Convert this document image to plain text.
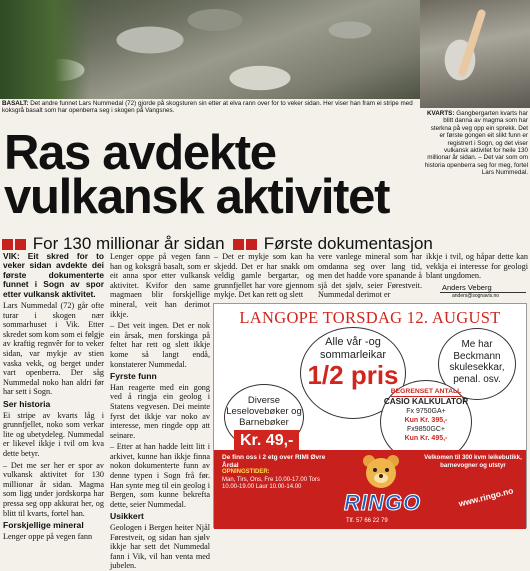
BASALT: Det andre funnet Lars Nummedal (72) gjorde på skogsturen sin etter at elva rann over for to veker sidan. Her viser han fram ei stripe med koksgrå basalt som har openberra seg i skogen på Vangsnes.	KVARTS: Gangbergarten kvarts har blitt danna av magma som har sterkna på veg opp ein sprekk. Det er første gongen eit slikt funn er registrert i Sogn, og det viser vulkansk aktivitet for heile 130 millionar år sidan. – Det var som om historia openberra seg for meg, fortel Lars Nummedal.
Ras avdekte
vulkansk aktivitet
For 130 millionar år sidan	Første dokumentasjon

VIK: Eit skred for to veker sidan avdekte dei første dokumenterte funnet i Sogn av spor etter vulkansk aktivitet.

Lars Nummedal (72) går ofte turar i skogen nær sommarhuset i Vik. Etter skredet som kom som ei følgje av kraftig regnvêr for to veker sidan, var mykje av stien vaska vekk, og berget under vart openberra. Der såg Nummedal noko han aldri før har sett i Sogn.

Ser historia

Ei stripe av kvarts låg i grunnfjellet, noko som verkar lite og ubetydeleg. Nummedal er likevel ikkje i tvil om kva dette betyr.

– Det me ser her er spor av vulkansk aktivitet for 130 millionar år sidan. Magma som ligg under jordskorpa har pressa seg opp akkurat her, og blitt til kvarts, fortel han.

Forskjellige mineral

Lenger oppe på vegen fann

Lenger oppe på vegen fann han og koksgrå basalt, som er eit anna spor etter vulkansk aktivitet. Kvifor den same magmaen blir forskjellige mineral, veit han derimot ikkje.

– Det veit ingen. Det er nok ein årsak, men forskinga på feltet har rett og slett ikkje kome så langt endå, konstaterer Nummedal.

Fyrste funn

Han reagerte med ein gong ved å ringja ein geolog i Statens vegvesen. Dei meinte fyrst det ikkje var noko av interesse, men ringde opp att seinare.

– Etter at han hadde leitt litt i arkivet, kunne han ikkje finna nokon dokumenterte funn av denne typen i Sogn frå før. Han synte meg til ein geolog i Bergen, som kunne bekrefta dette, seier Nummedal.

Usikkert

Geologen i Bergen heiter Njål Førestveit, og sidan han sjølv ikkje har sett det Nummedal fann i Vik, vil han venta med jubelen.

– Det er mykje som kan ha skjedd. Det er har snakk om veldig gamle bergartar, og grunnfjellet har vore gjennom mykje. Det kan rett og slett

vere vanlege mineral som har omdanna seg over lang tid, men det hadde vore spanande å sjå det sjølv, seier Førestveit. Nummedal derimot er

ikkje i tvil, og håpar dette kan vekkja ei interesse for geologi blant ungdomen.

Anders Veberg
anders@sognavis.no
LANGOPE TORSDAG 12. AUGUST
Alle vår -og
sommarleikar
1/2 pris
Me har Beckmann skulesekkar, penal. osv.
Diverse Leselovebøker og Barnebøker
Kr. 49,-
BEGRENSET ANTALL
CASIO KALKULATOR
Fx 9750GA+
Kun Kr. 395,-
Fx9850GC+
Kun Kr. 495,-
De finn oss i 2 etg over RIMI Øvre Årdal
OPNINGSTIDER:
Man, Tirs, Ons, Fre 10.00-17.00 Tors 10.00-19.00 Laur 10.00-14.00
RINGO
Tlf. 57 66 22 79
Velkomen til 300 kvm leikebutikk, barnevogner og utstyr
www.ringo.no
